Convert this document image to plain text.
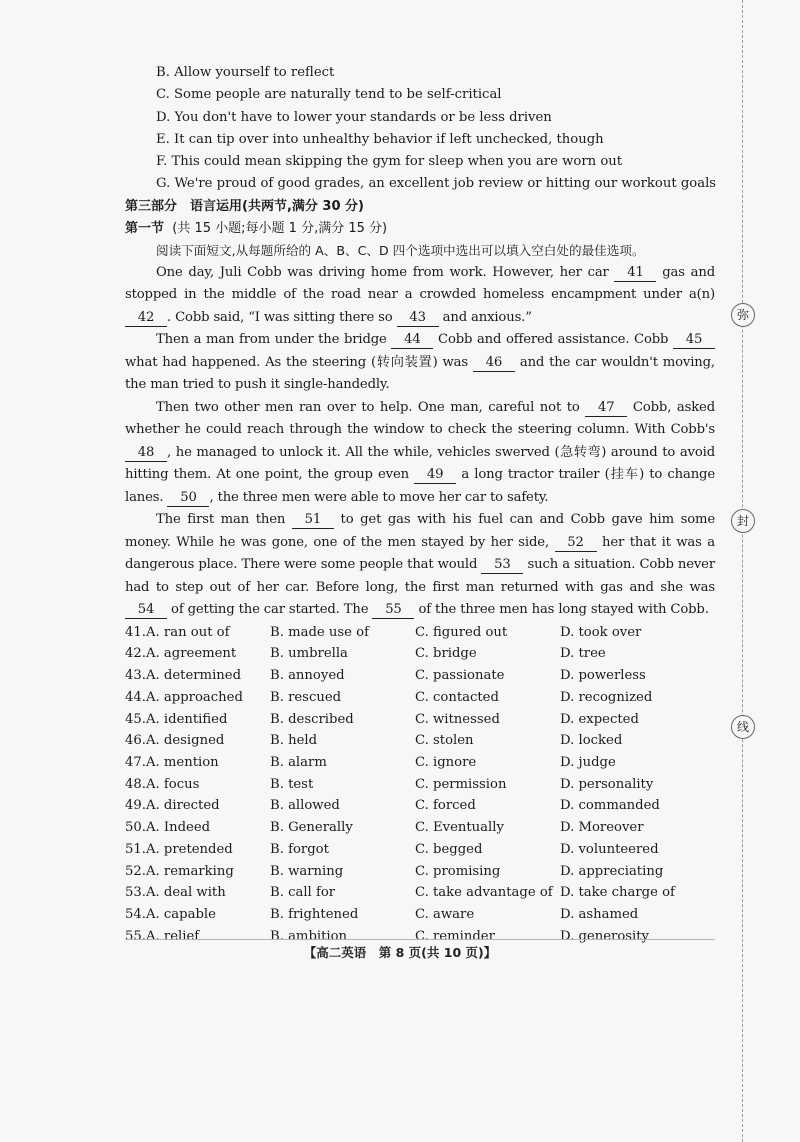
弥
封
线
B. Allow yourself to reflect
C. Some people are naturally tend to be self-critical
D. You don't have to lower your standards or be less driven
E. It can tip over into unhealthy behavior if left unchecked, though
F. This could mean skipping the gym for sleep when you are worn out
G. We're proud of good grades, an excellent job review or hitting our workout goals
第三部分　语言运用(共两节,满分 30 分)
第一节 (共 15 小题;每小题 1 分,满分 15 分)
阅读下面短文,从每题所给的 A、B、C、D 四个选项中选出可以填入空白处的最佳选项。

One day, Juli Cobb was driving home from work. However, her car 41 gas and stopped in the middle of the road near a crowded homeless encampment under a(n) 42 . Cobb said, “I was sitting there so 43 and anxious.”

Then a man from under the bridge 44 Cobb and offered assistance. Cobb 45 what had happened. As the steering (转向装置) was 46 and the car wouldn't moving, the man tried to push it single-handedly.

Then two other men ran over to help. One man, careful not to 47 Cobb, asked whether he could reach through the window to check the steering column. With Cobb's 48 , he managed to unlock it. All the while, vehicles swerved (急转弯) around to avoid hitting them. At one point, the group even 49 a long tractor trailer (挂车) to change lanes. 50 , the three men were able to move her car to safety.

The first man then 51 to get gas with his fuel can and Cobb gave him some money. While he was gone, one of the men stayed by her side, 52 her that it was a dangerous place. There were some people that would 53 such a situation. Cobb never had to step out of her car. Before long, the first man returned with gas and she was 54 of getting the car started. The 55 of the three men has long stayed with Cobb.

41.A. ran out of	B. made use of	C. figured out	D. took over
42.A. agreement	B. umbrella	C. bridge	D. tree
43.A. determined	B. annoyed	C. passionate	D. powerless
44.A. approached	B. rescued	C. contacted	D. recognized
45.A. identified	B. described	C. witnessed	D. expected
46.A. designed	B. held	C. stolen	D. locked
47.A. mention	B. alarm	C. ignore	D. judge
48.A. focus	B. test	C. permission	D. personality
49.A. directed	B. allowed	C. forced	D. commanded
50.A. Indeed	B. Generally	C. Eventually	D. Moreover
51.A. pretended	B. forgot	C. begged	D. volunteered
52.A. remarking	B. warning	C. promising	D. appreciating
53.A. deal with	B. call for	C. take advantage of D. take charge of
54.A. capable	B. frightened	C. aware	D. ashamed
55.A. relief	B. ambition	C. reminder	D. generosity
【高二英语　第 8 页(共 10 页)】
